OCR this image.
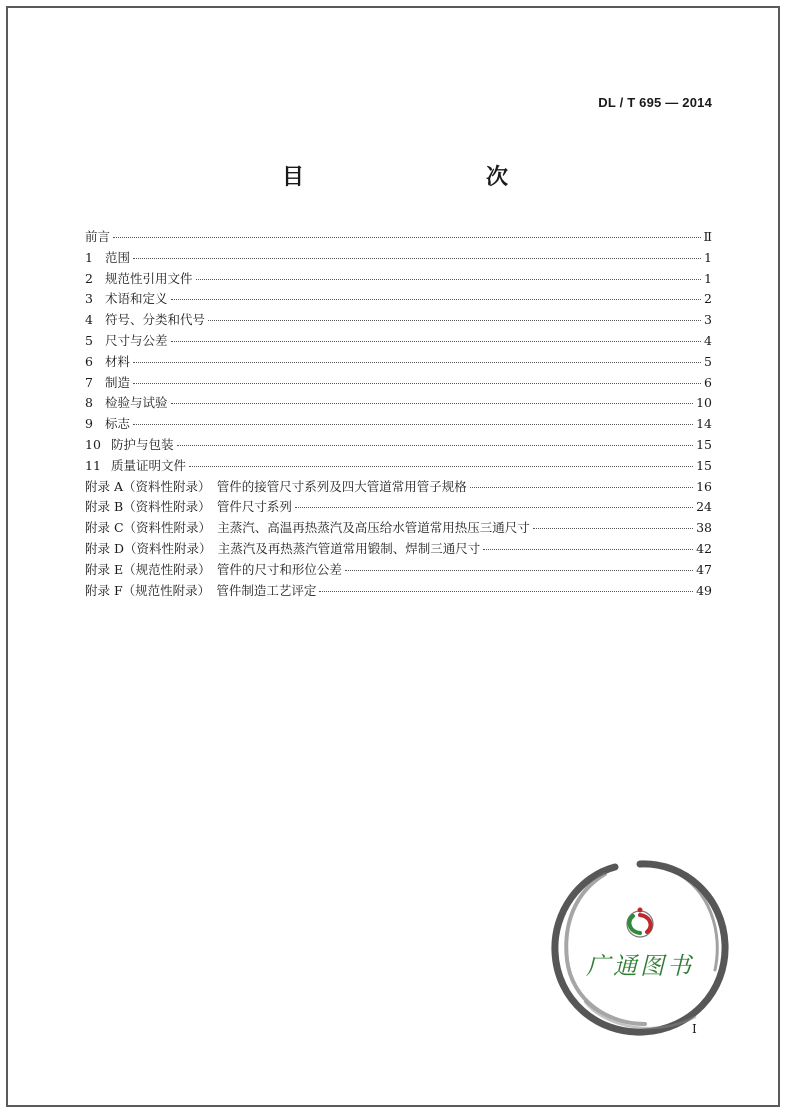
DL / T 695 — 2014
目　　次
前言	Ⅱ
1 范围	1
2 规范性引用文件	1
3 术语和定义	2
4 符号、分类和代号	3
5 尺寸与公差	4
6 材料	5
7 制造	6
8 检验与试验	10
9 标志	14
10 防护与包装	15
11 质量证明文件	15
附录 A（资料性附录）　管件的接管尺寸系列及四大管道常用管子规格	16
附录 B（资料性附录）　管件尺寸系列	24
附录 C（资料性附录）　主蒸汽、高温再热蒸汽及高压给水管道常用热压三通尺寸	38
附录 D（资料性附录）　主蒸汽及再热蒸汽管道常用锻制、焊制三通尺寸	42
附录 E（规范性附录）　管件的尺寸和形位公差	47
附录 F（规范性附录）　管件制造工艺评定	49
I
广通图书
